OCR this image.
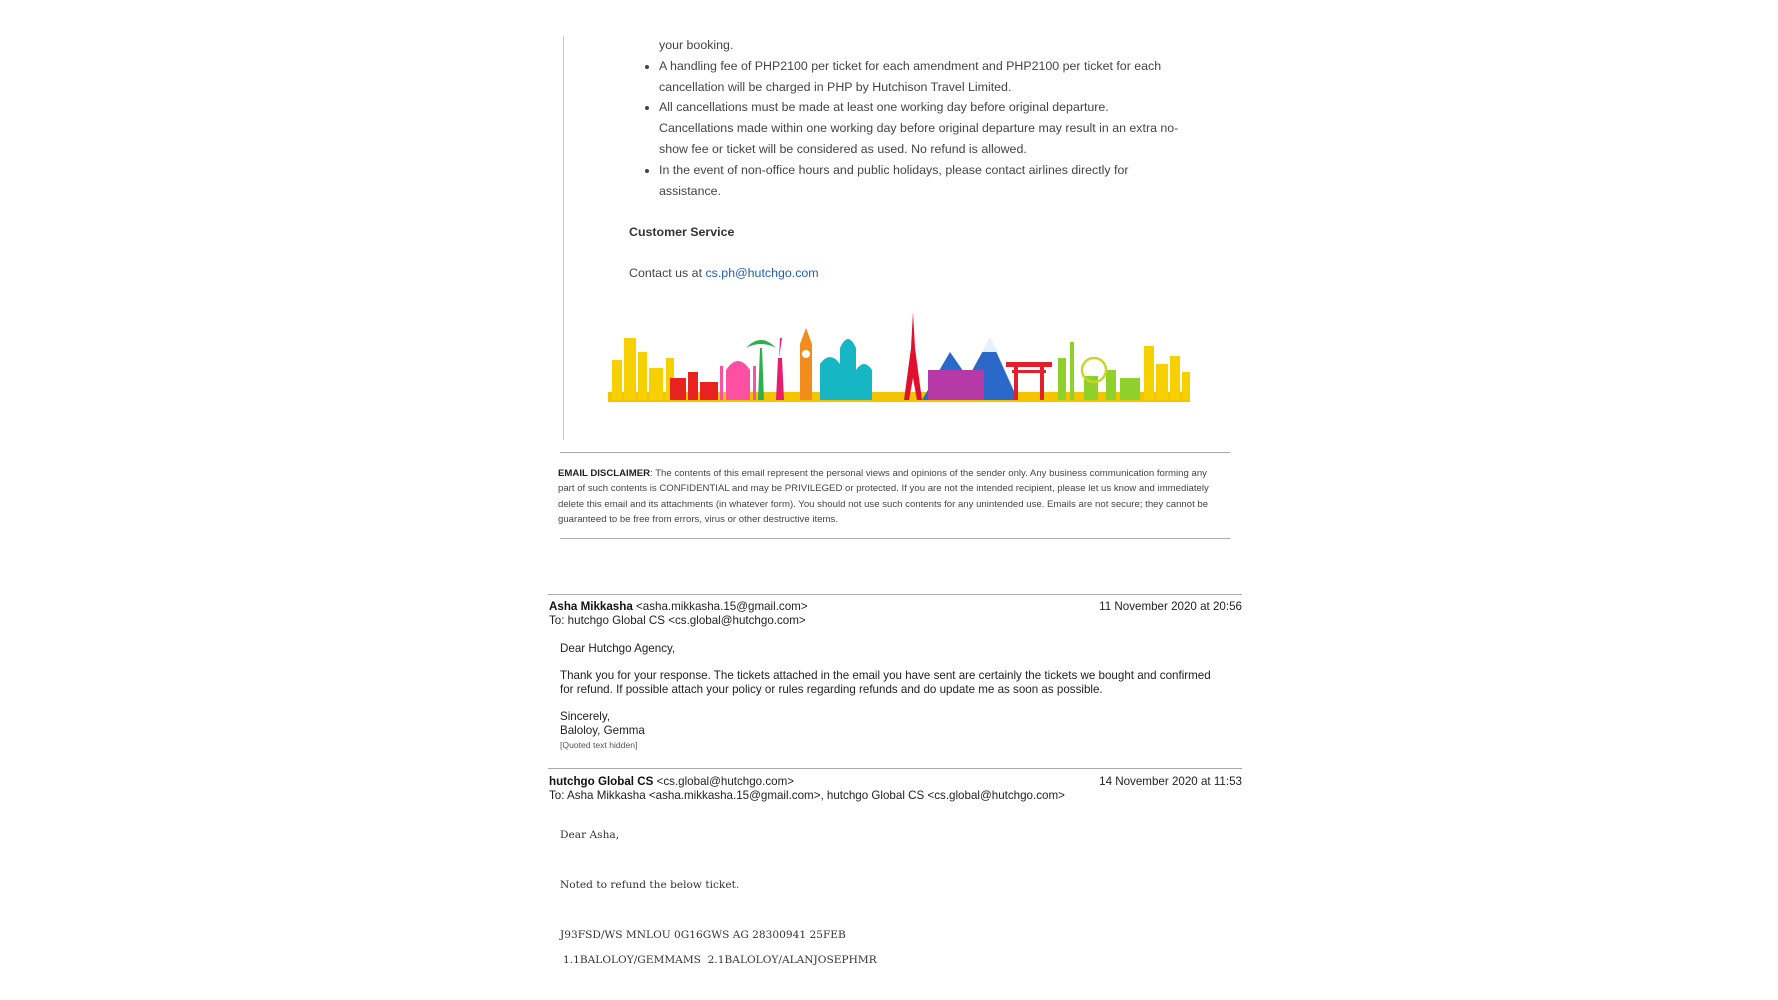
your booking.
• A handling fee of PHP2100 per ticket for each amendment and PHP2100 per ticket for each cancellation will be charged in PHP by Hutchison Travel Limited.
• All cancellations must be made at least one working day before original departure. Cancellations made within one working day before original departure may result in an extra no-show fee or ticket will be considered as used. No refund is allowed.
• In the event of non-office hours and public holidays, please contact airlines directly for assistance.
Customer Service
Contact us at cs.ph@hutchgo.com
EMAIL DISCLAIMER: The contents of this email represent the personal views and opinions of the sender only. Any business communication forming any part of such contents is CONFIDENTIAL and may be PRIVILEGED or protected. If you are not the intended recipient, please let us know and immediately delete this email and its attachments (in whatever form). You should not use such contents for any unintended use. Emails are not secure; they cannot be guaranteed to be free from errors, virus or other destructive items.
Asha Mikkasha <asha.mikkasha.15@gmail.com>	11 November 2020 at 20:56
To: hutchgo Global CS <cs.global@hutchgo.com>
Dear Hutchgo Agency,
Thank you for your response. The tickets attached in the email you have sent are certainly the tickets we bought and confirmed
for refund. If possible attach your policy or rules regarding refunds and do update me as soon as possible.
Sincerely,
Baloloy, Gemma
[Quoted text hidden]
hutchgo Global CS <cs.global@hutchgo.com>	14 November 2020 at 11:53
To: Asha Mikkasha <asha.mikkasha.15@gmail.com>, hutchgo Global CS <cs.global@hutchgo.com>
Dear Asha,
Noted to refund the below ticket.
J93FSD/WS MNLOU 0G16GWS AG 28300941 25FEB
1.1BALOLOY/GEMMAMS  2.1BALOLOY/ALANJOSEPHMR
